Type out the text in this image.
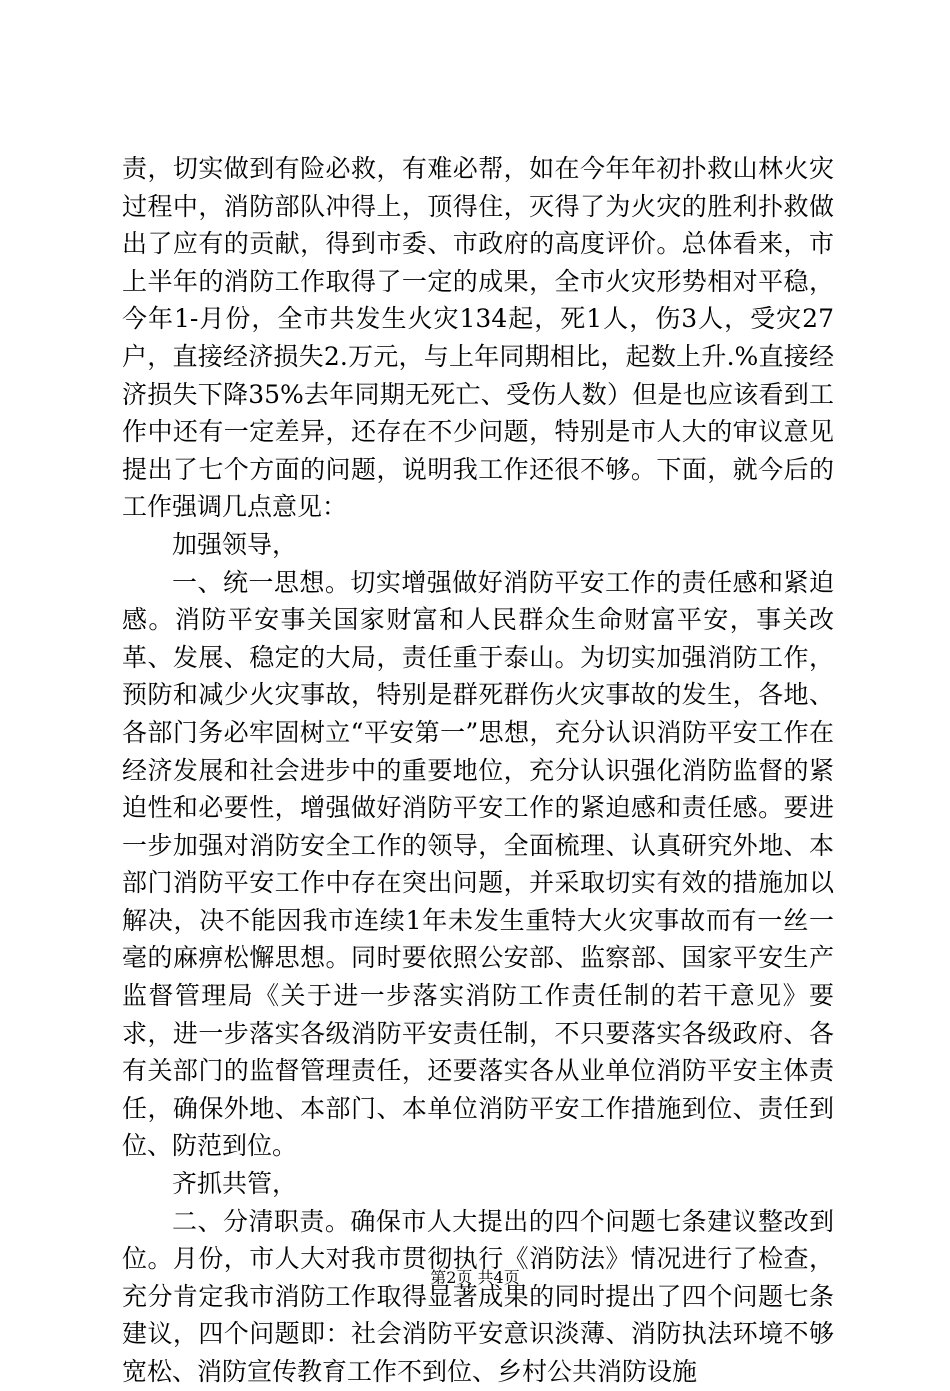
责，切实做到有险必救，有难必帮，如在今年年初扑救山林火灾过程中，消防部队冲得上，顶得住，灭得了为火灾的胜利扑救做出了应有的贡献，得到市委、市政府的高度评价。总体看来，市上半年的消防工作取得了一定的成果，全市火灾形势相对平稳，今年1-月份，全市共发生火灾134起，死1人，伤3人，受灾27户，直接经济损失2.万元，与上年同期相比，起数上升.%直接经济损失下降35%去年同期无死亡、受伤人数）但是也应该看到工作中还有一定差异，还存在不少问题，特别是市人大的审议意见提出了七个方面的问题，说明我工作还很不够。下面，就今后的工作强调几点意见：

加强领导，

一、统一思想。切实增强做好消防平安工作的责任感和紧迫感。消防平安事关国家财富和人民群众生命财富平安，事关改革、发展、稳定的大局，责任重于泰山。为切实加强消防工作，预防和减少火灾事故，特别是群死群伤火灾事故的发生，各地、各部门务必牢固树立“平安第一”思想，充分认识消防平安工作在经济发展和社会进步中的重要地位，充分认识强化消防监督的紧迫性和必要性，增强做好消防平安工作的紧迫感和责任感。要进一步加强对消防安全工作的领导，全面梳理、认真研究外地、本部门消防平安工作中存在突出问题，并采取切实有效的措施加以解决，决不能因我市连续1年未发生重特大火灾事故而有一丝一毫的麻痹松懈思想。同时要依照公安部、监察部、国家平安生产监督管理局《关于进一步落实消防工作责任制的若干意见》要求，进一步落实各级消防平安责任制，不只要落实各级政府、各有关部门的监督管理责任，还要落实各从业单位消防平安主体责任，确保外地、本部门、本单位消防平安工作措施到位、责任到位、防范到位。

齐抓共管，

二、分清职责。确保市人大提出的四个问题七条建议整改到位。月份，市人大对我市贯彻执行《消防法》情况进行了检查，充分肯定我市消防工作取得显著成果的同时提出了四个问题七条建议，四个问题即：社会消防平安意识淡薄、消防执法环境不够宽松、消防宣传教育工作不到位、乡村公共消防设施

第2页 共4页
